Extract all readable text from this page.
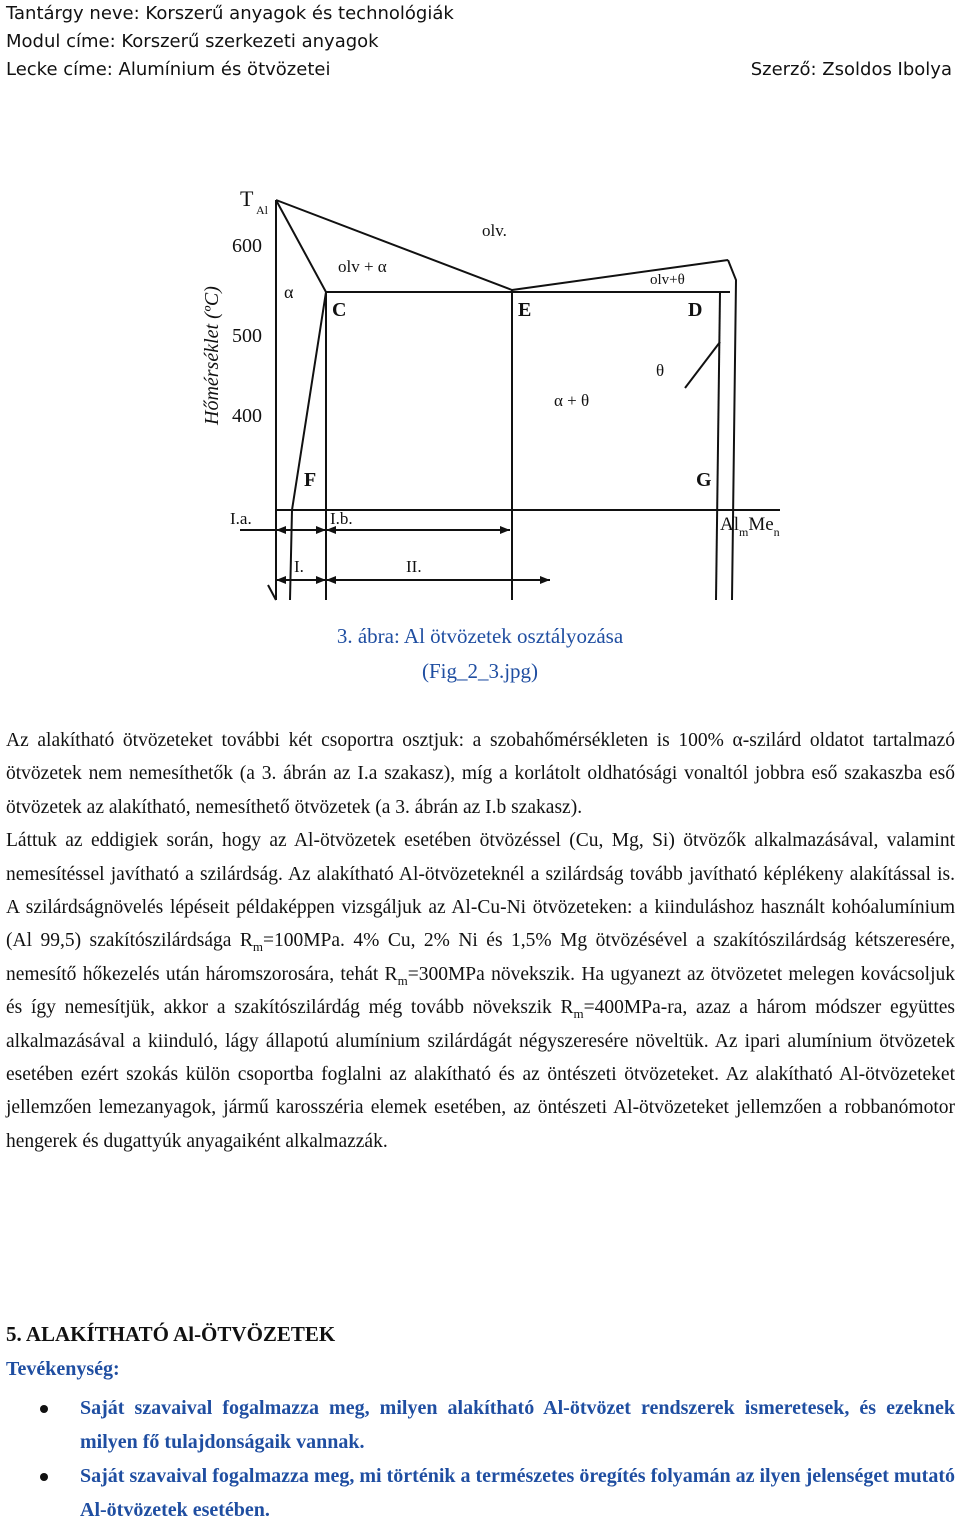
Tantárgy neve: Korszerű anyagok és technológiák
Modul címe: Korszerű szerkezeti anyagok
Lecke címe: Alumínium és ötvözetei	Szerző: Zsoldos Ibolya
T Al
600
500
400
Hőmérséklet (ºC)
olv.
olv + α
α
olv+θ
θ
α + θ
C	E	D
F	G
I.a.	I.b.
I.	II.
$Al_mMe_n$
3. ábra: Al ötvözetek osztályozása
(Fig_2_3.jpg)

Az alakítható ötvözeteket további két csoportra osztjuk: a szobahőmérsékleten is 100% α-szilárd oldatot tartalmazó ötvözetek nem nemesíthetők (a 3. ábrán az I.a szakasz), míg a korlátolt oldhatósági vonaltól jobbra eső szakaszba eső ötvözetek az alakítható, nemesíthető ötvözetek (a 3. ábrán az I.b szakasz).

Láttuk az eddigiek során, hogy az Al-ötvözetek esetében ötvözéssel (Cu, Mg, Si) ötvözők alkalmazásával, valamint nemesítéssel javítható a szilárdság. Az alakítható Al-ötvözeteknél a szilárdság tovább javítható képlékeny alakítással is. A szilárdságnövelés lépéseit példaképpen vizsgáljuk az Al-Cu-Ni ötvözeteken: a kiinduláshoz használt kohóalumínium (Al 99,5) szakítószilárdsága $R_m=100MPa$. 4% Cu, 2% Ni és 1,5% Mg ötvözésével a szakítószilárdság kétszeresére, nemesítő hőkezelés után háromszorosára, tehát $R_m=300MPa$ növekszik. Ha ugyanezt az ötvözetet melegen kovácsoljuk és így nemesítjük, akkor a szakítószilárdág még tovább növekszik $R_m=400MPa-ra$, azaz a három módszer együttes alkalmazásával a kiinduló, lágy állapotú alumínium szilárdágát négyszeresére növeltük. Az ipari alumínium ötvözetek esetében ezért szokás külön csoportba foglalni az alakítható és az öntészeti ötvözeteket. Az alakítható Al-ötvözeteket jellemzően lemezanyagok, jármű karosszéria elemek esetében, az öntészeti Al-ötvözeteket jellemzően a robbanómotor hengerek és dugattyúk anyagaiként alkalmazzák.

5. ALAKÍTHATÓ Al-ÖTVÖZETEK
Tevékenység:
Saját szavaival fogalmazza meg, milyen alakítható Al-ötvözet rendszerek ismeretesek, és ezeknek milyen fő tulajdonságaik vannak.
Saját szavaival fogalmazza meg, mi történik a természetes öregítés folyamán az ilyen jelenséget mutató Al-ötvözetek esetében.
